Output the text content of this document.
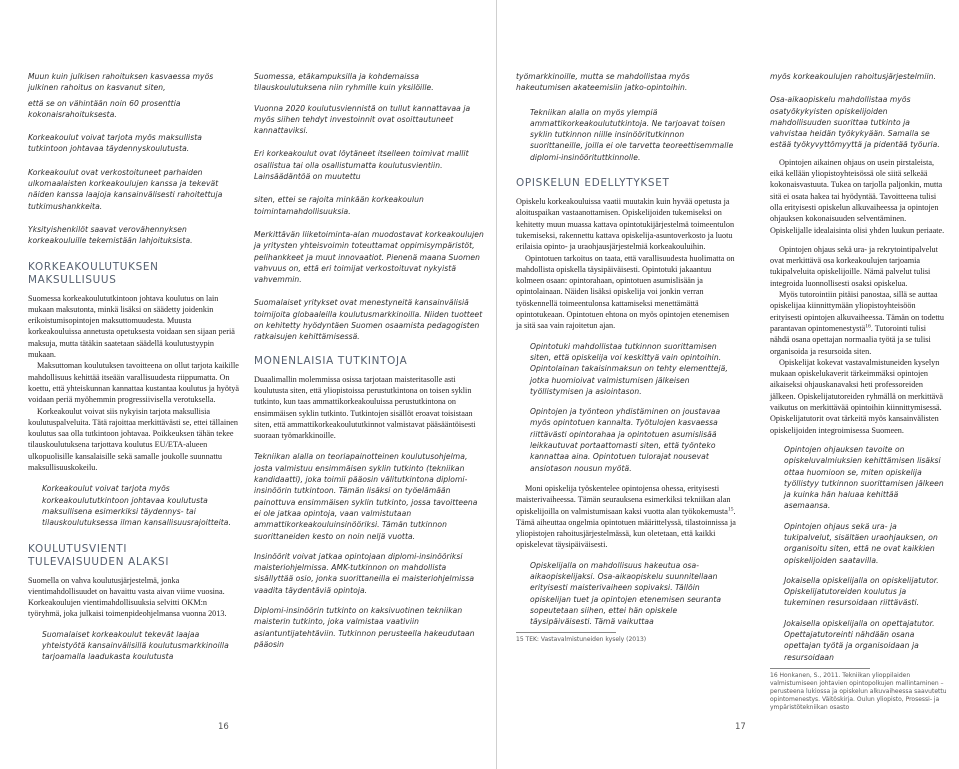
Muun kuin julkisen rahoituksen kasvaessa myös julkinen rahoitus on kasvanut siten,

että se on vähintään noin 60 prosenttia kokonaisrahoituksesta.

Korkeakoulut voivat tarjota myös maksullista tutkintoon johtavaa täydennyskoulutusta.

Korkeakoulut ovat verkostoituneet parhaiden ulkomaalaisten korkeakoulujen kanssa ja tekevät näiden kanssa laajoja kansainvälisesti rahoitettuja tutkimushankkeita.

Yksityishenkilöt saavat verovähennyksen korkeakouluille tekemistään lahjoituksista.

KORKEAKOULUTUKSEN MAKSULLISUUS

Suomessa korkeakoulututkintoon johtava koulutus on lain mukaan maksutonta, minkä lisäksi on säädetty joidenkin erikoistumisopintojen maksuttomuudesta. Muusta korkeakouluissa annetusta opetuksesta voidaan sen sijaan periä maksuja, mutta tätäkin saatetaan säädellä koulutustyypin mukaan.

Maksuttoman koulutuksen tavoitteena on ollut tarjota kaikille mahdollisuus kehittää itseään varallisuudesta riippumatta. On koettu, että yhteiskunnan kannattaa kustantaa koulutus ja hyötyä voidaan periä myöhemmin progressiivisella verotuksella.

Korkeakoulut voivat siis nykyisin tarjota maksullisia koulutuspalveluita. Tätä rajoittaa merkittävästi se, ettei tällainen koulutus saa olla tutkintoon johtavaa. Poikkeuksen tähän tekee tilauskoulutuksena tarjottava koulutus EU/ETA-alueen ulkopuolisille kansalaisille sekä samalle joukolle suunnattu maksullisuuskokeilu.

Korkeakoulut voivat tarjota myös korkeakoulututkintoon johtavaa koulutusta maksullisena esimerkiksi täydennys- tai tilauskoulutuksessa ilman kansallisuusrajoitteita.

KOULUTUSVIENTI
TULEVAISUUDEN ALAKSI

Suomella on vahva koulutusjärjestelmä, jonka vientimahdollisuudet on havaittu vasta aivan viime vuosina. Korkeakoulujen vientimahdollisuuksia selvitti OKM:n työryhmä, joka julkaisi toimenpideohjelmansa vuonna 2013.

Suomalaiset korkeakoulut tekevät laajaa yhteistyötä kansainvälisillä koulutusmarkkinoilla tarjoamalla laadukasta koulutusta

Suomessa, etäkampuksilla ja kohdemaissa tilauskoulutuksena niin ryhmille kuin yksilöille.

Vuonna 2020 koulutusviennistä on tullut kannattavaa ja myös siihen tehdyt investoinnit ovat osoittautuneet kannattaviksi.

Eri korkeakoulut ovat löytäneet itselleen toimivat mallit osallistua tai olla osallistumatta koulutusvientiin. Lainsäädäntöä on muutettu

siten, ettei se rajoita minkään korkeakoulun toimintamahdollisuuksia.

Merkittävän liiketoiminta-alan muodostavat korkeakoulujen ja yritysten yhteisvoimin toteuttamat oppimisympäristöt, pelihankkeet ja muut innovaatiot. Pienenä maana Suomen vahvuus on, että eri toimijat verkostoituvat nykyistä vahvemmin.

Suomalaiset yritykset ovat menestyneitä kansainvälisiä toimijoita globaaleilla koulutusmarkkinoilla. Niiden tuotteet on kehitetty hyödyntäen Suomen osaamista pedagogisten ratkaisujen kehittämisessä.

MONENLAISIA TUTKINTOJA

Duaalimallin molemmissa osissa tarjotaan maisteritasolle asti koulutusta siten, että yliopistoissa perustutkintona on toisen syklin tutkinto, kun taas ammattikorkeakouluissa perustutkintona on ensimmäisen syklin tutkinto. Tutkintojen sisällöt eroavat toisistaan siten, että ammattikorkeakoulututkinnot valmistavat pääsääntöisesti suoraan työmarkkinoille.

Tekniikan alalla on teoriapainotteinen koulutusohjelma, josta valmistuu ensimmäisen syklin tutkinto (tekniikan kandidaatti), joka toimii pääosin välitutkintona diplomi-insinöörin tutkintoon. Tämän lisäksi on työelämään painottuva ensimmäisen syklin tutkinto, jossa tavoitteena ei ole jatkaa opintoja, vaan valmistutaan ammattikorkeakouluinsinööriksi. Tämän tutkinnon suorittaneiden kesto on noin neljä vuotta.

Insinöörit voivat jatkaa opintojaan diplomi-insinööriksi maisteriohjelmissa. AMK-tutkinnon on mahdollista sisällyttää osio, jonka suorittaneilla ei maisteriohjelmissa vaadita täydentäviä opintoja.

Diplomi-insinöörin tutkinto on kaksivuotinen tekniikan maisterin tutkinto, joka valmistaa vaativiin asiantuntijatehtäviin. Tutkinnon perusteella hakeudutaan pääosin

työmarkkinoille, mutta se mahdollistaa myös hakeutumisen akateemisiin jatko-opintoihin.

Tekniikan alalla on myös ylempiä ammattikorkeakoulututkintoja. Ne tarjoavat toisen syklin tutkinnon niille insinööritutkinnon suorittaneille, joilla ei ole tarvetta teoreettisemmalle diplomi-insinöörituttkinnolle.

OPISKELUN EDELLYTYKSET

Opiskelu korkeakouluissa vaatii muutakin kuin hyvää opetusta ja aloituspaikan vastaanottamisen. Opiskelijoiden tukemiseksi on kehitetty muun muassa kattava opintotukijärjestelmä toimeentulon tukemiseksi, rakennettu kattava opiskelija-asuntoverkosto ja luotu erilaisia opinto- ja uraohjausjärjestelmiä korkeakouluihin.

Opintotuen tarkoitus on taata, että varallisuudesta huolimatta on mahdollista opiskella täysipäiväisesti. Opintotuki jakaantuu kolmeen osaan: opintorahaan, opintotuen asumislisään ja opintolainaan. Näiden lisäksi opiskelija voi jonkin verran työskennellä toimeentulonsa kattamiseksi menettämättä opintotukeaan. Opintotuen ehtona on myös opintojen etenemisen ja sitä saa vain rajoitetun ajan.

Opintotuki mahdollistaa tutkinnon suorittamisen siten, että opiskelija voi keskittyä vain opintoihin. Opintolainan takaisinmaksun on tehty elementtejä, jotka huomioivat valmistumisen jälkeisen työllistymisen ja asiointason.

Opintojen ja työnteon yhdistäminen on joustavaa myös opintotuen kannalta. Työtulojen kasvaessa riittävästi opintorahaa ja opintotuen asumislisää leikkautuvat portaattomasti siten, että työnteko kannattaa aina. Opintotuen tulorajat nousevat ansiotason nousun myötä.

Moni opiskelija työskentelee opintojensa ohessa, erityisesti maisterivaiheessa. Tämän seurauksena esimerkiksi tekniikan alan opiskelijoilla on valmistumisaan kaksi vuotta alan työkokemusta$^{15}$. Tämä aiheuttaa ongelmia opintotuen määrittelyssä, tilastoinnissa ja yliopistojen rahoitusjärjestelmässä, kun oletetaan, että kaikki opiskelevat täysipäiväisesti.

Opiskelijalla on mahdollisuus hakeutua osa-aikaopiskelijaksi. Osa-aikaopiskelu suunnitellaan erityisesti maisterivaiheen sopivaksi. Tällöin opiskelijan tuet ja opintojen etenemisen seuranta sopeutetaan siihen, ettei hän opiskele täysipäiväisesti. Tämä vaikuttaa

15 TEK: Vastavalmistuneiden kysely (2013)

myös korkeakoulujen rahoitusjärjestelmiin.

Osa-aikaopiskelu mahdollistaa myös osatyökykyisten opiskelijoiden mahdollisuuden suorittaa tutkinto ja vahvistaa heidän työkykyään. Samalla se estää työkyvyttömyyttä ja pidentää työuria.

Opintojen aikainen ohjaus on usein pirstaleista, eikä kellään yliopistoyhteisössä ole siitä selkeää kokonaisvastuuta. Tukea on tarjolla paljonkin, mutta sitä ei osata hakea tai hyödyntää. Tavoitteena tulisi olla erityisesti opiskelun alkuvaiheessa ja opintojen ohjauksen kokonaisuuden selventäminen. Opiskelijalle idealaisinta olisi yhden luukun periaate.

Opintojen ohjaus sekä ura- ja rekrytointipalvelut ovat merkittävä osa korkeakoulujen tarjoamia tukipalveluita opiskelijoille. Nämä palvelut tulisi integroida luonnollisesti osaksi opiskelua.

Myös tutorointiin pitäisi panostaa, sillä se auttaa opiskelijaa kiinnittymään yliopistoyhteisöön erityisesti opintojen alkuvaiheessa. Tämän on todettu parantavan opintomenestystä$^{16}$. Tutorointi tulisi nähdä osana opettajan normaalia työtä ja se tulisi organisoida ja resursoida siten.

Opiskelijat kokevat vastavalmistuneiden kyselyn mukaan opiskelukaverit tärkeimmäksi opintojen aikaiseksi ohjauskanavaksi heti professoreiden jälkeen. Opiskelijatutoreiden ryhmällä on merkittävä vaikutus on merkittävää opintoihin kiinnittymisessä. Opiskelijatutorit ovat tärkeitä myös kansainvälisten opiskelijoiden integroimisessa Suomeen.

Opintojen ohjauksen tavoite on opiskeluvalmiuksien kehittämisen lisäksi ottaa huomioon se, miten opiskelija työllistyy tutkinnon suorittamisen jälkeen ja kuinka hän haluaa kehittää asemaansa.

Opintojen ohjaus sekä ura- ja tukipalvelut, sisältäen uraohjauksen, on organisoitu siten, että ne ovat kaikkien opiskelijoiden saatavilla.

Jokaisella opiskelijalla on opiskelijatutor. Opiskelijatutoreiden koulutus ja tukeminen resursoidaan riittävästi.

Jokaisella opiskelijalla on opettajatutor. Opettajatutoreinti nähdään osana opettajan työtä ja organisoidaan ja resursoidaan

16 Honkanen, S., 2011. Tekniikan ylioppilaiden valmistumiseen johtavien opintopolkujen mallintaminen – perusteena lukiossa ja opiskelun alkuvaiheessa saavutettu opintomenestys. Väitöskirja. Oulun yliopisto, Prosessi- ja ympäristötekniikan osasto

16	17
